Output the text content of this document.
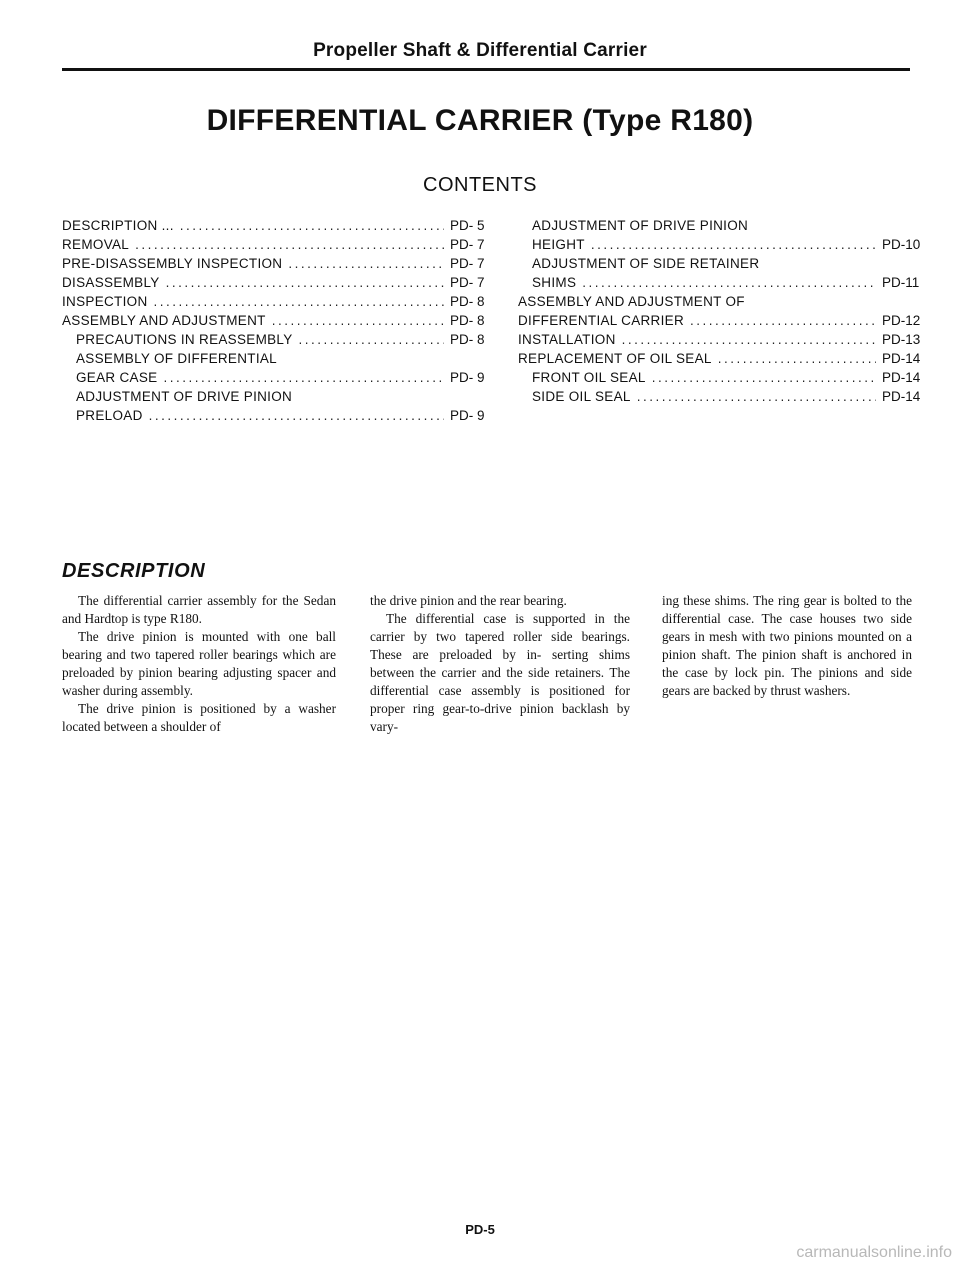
Propeller Shaft & Differential Carrier
DIFFERENTIAL CARRIER (Type R180)
CONTENTS
DESCRIPTION ... .....	PD- 5
REMOVAL .....	PD- 7
PRE-DISASSEMBLY INSPECTION .....	PD- 7
DISASSEMBLY .....	PD- 7
INSPECTION .....	PD- 8
ASSEMBLY AND ADJUSTMENT .....	PD- 8
PRECAUTIONS IN REASSEMBLY .....	PD- 8
ASSEMBLY OF DIFFERENTIAL
GEAR CASE .....	PD- 9
ADJUSTMENT OF DRIVE PINION
PRELOAD .....	PD- 9
ADJUSTMENT OF DRIVE PINION
HEIGHT .....	PD-10
ADJUSTMENT OF SIDE RETAINER
SHIMS .....	PD-11
ASSEMBLY AND ADJUSTMENT OF
DIFFERENTIAL CARRIER .....	PD-12
INSTALLATION .....	PD-13
REPLACEMENT OF OIL SEAL .....	PD-14
FRONT OIL SEAL .....	PD-14
SIDE OIL SEAL .....	PD-14
DESCRIPTION

The differential carrier assembly for the Sedan and Hardtop is type R180.

The drive pinion is mounted with one ball bearing and two tapered roller bearings which are preloaded by pinion bearing adjusting spacer and washer during assembly.

The drive pinion is positioned by a washer located between a shoulder of

the drive pinion and the rear bearing.

The differential case is supported in the carrier by two tapered roller side bearings. These are preloaded by in- serting shims between the carrier and the side retainers. The differential case assembly is positioned for proper ring gear-to-drive pinion backlash by vary-

ing these shims. The ring gear is bolted to the differential case. The case houses two side gears in mesh with two pinions mounted on a pinion shaft. The pinion shaft is anchored in the case by lock pin. The pinions and side gears are backed by thrust washers.

PD-5
carmanualsonline.info
